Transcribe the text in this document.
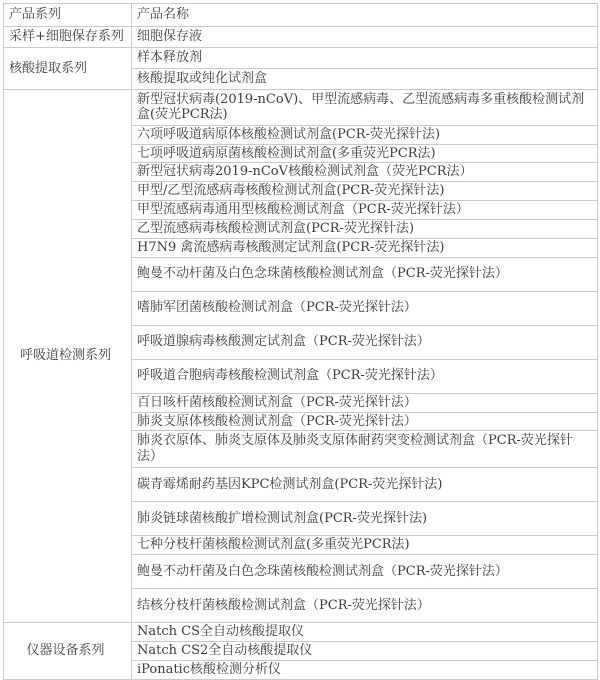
产品系列	产品名称
采样+细胞保存系列	细胞保存液
核酸提取系列	样本释放剂
	核酸提取或纯化试剂盒
呼吸道检测系列	新型冠状病毒(2019-nCoV)、甲型流感病毒、乙型流感病毒多重核酸检测试剂盒(荧光PCR法)
	六项呼吸道病原体核酸检测试剂盒(PCR-荧光探针法)
	七项呼吸道病原菌核酸检测试剂盒(多重荧光PCR法)
	新型冠状病毒2019-nCoV核酸检测试剂盒（荧光PCR法）
	甲型/乙型流感病毒核酸检测试剂盒(PCR-荧光探针法)
	甲型流感病毒通用型核酸检测试剂盒（PCR-荧光探针法）
	乙型流感病毒核酸检测试剂盒(PCR-荧光探针法)
	H7N9 禽流感病毒核酸测定试剂盒(PCR-荧光探针法)
	鲍曼不动杆菌及白色念珠菌核酸检测试剂盒（PCR-荧光探针法）
	嗜肺军团菌核酸检测试剂盒（PCR-荧光探针法）
	呼吸道腺病毒核酸测定试剂盒（PCR-荧光探针法）
	呼吸道合胞病毒核酸检测试剂盒（PCR-荧光探针法）
	百日咳杆菌核酸检测试剂盒（PCR-荧光探针法）
	肺炎支原体核酸检测试剂盒（PCR-荧光探针法）
	肺炎衣原体、肺炎支原体及肺炎支原体耐药突变检测试剂盒（PCR-荧光探针法）
	碳青霉烯耐药基因KPC检测试剂盒(PCR-荧光探针法)
	肺炎链球菌核酸扩增检测试剂盒(PCR-荧光探针法)
	七种分枝杆菌核酸检测试剂盒(多重荧光PCR法)
	鲍曼不动杆菌及白色念珠菌核酸检测试剂盒（PCR-荧光探针法）
	结核分枝杆菌核酸检测试剂盒（PCR-荧光探针法）
仪器设备系列	Natch CS全自动核酸提取仪
	Natch CS2全自动核酸提取仪
	iPonatic核酸检测分析仪
